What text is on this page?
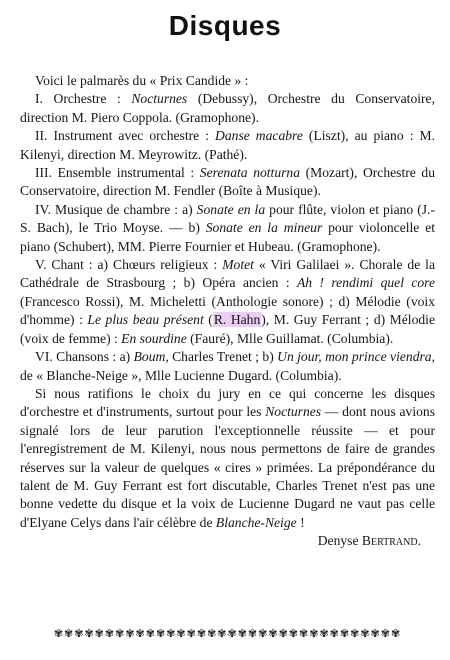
Disques

Voici le palmarès du « Prix Candide » :

I. Orchestre : Nocturnes (Debussy), Orchestre du Conservatoire, direction M. Piero Coppola. (Gramophone).

II. Instrument avec orchestre : Danse macabre (Liszt), au piano : M. Kilenyi, direction M. Meyrowitz. (Pathé).

III. Ensemble instrumental : Serenata notturna (Mozart), Orchestre du Conservatoire, direction M. Fendler (Boîte à Musique).

IV. Musique de chambre : a) Sonate en la pour flûte, violon et piano (J.-S. Bach), le Trio Moyse. — b) Sonate en la mineur pour violoncelle et piano (Schubert), MM. Pierre Fournier et Hubeau. (Gramophone).

V. Chant : a) Chœurs religieux : Motet « Viri Galilaei ». Chorale de la Cathédrale de Strasbourg ; b) Opéra ancien : Ah ! rendimi quel core (Francesco Rossi), M. Micheletti (Anthologie sonore) ; d) Mélodie (voix d'homme) : Le plus beau présent (R. Hahn), M. Guy Ferrant ; d) Mélodie (voix de femme) : En sourdine (Fauré), Mlle Guillamat. (Columbia).

VI. Chansons : a) Boum, Charles Trenet ; b) Un jour, mon prince viendra, de « Blanche-Neige », Mlle Lucienne Dugard. (Columbia).

Si nous ratifions le choix du jury en ce qui concerne les disques d'orchestre et d'instruments, surtout pour les Nocturnes — dont nous avions signalé lors de leur parution l'exceptionnelle réussite — et pour l'enregistrement de M. Kilenyi, nous nous permettons de faire de grandes réserves sur la valeur de quelques « cires » primées. La prépondérance du talent de M. Guy Ferrant est fort discutable, Charles Trenet n'est pas une bonne vedette du disque et la voix de Lucienne Dugard ne vaut pas celle d'Elyane Celys dans l'air célèbre de Blanche-Neige !

Denyse Bertrand.

✾✾✾✾✾✾✾✾✾✾✾✾✾✾✾✾✾✾✾✾✾✾✾✾✾✾✾✾✾✾✾✾✾✾
